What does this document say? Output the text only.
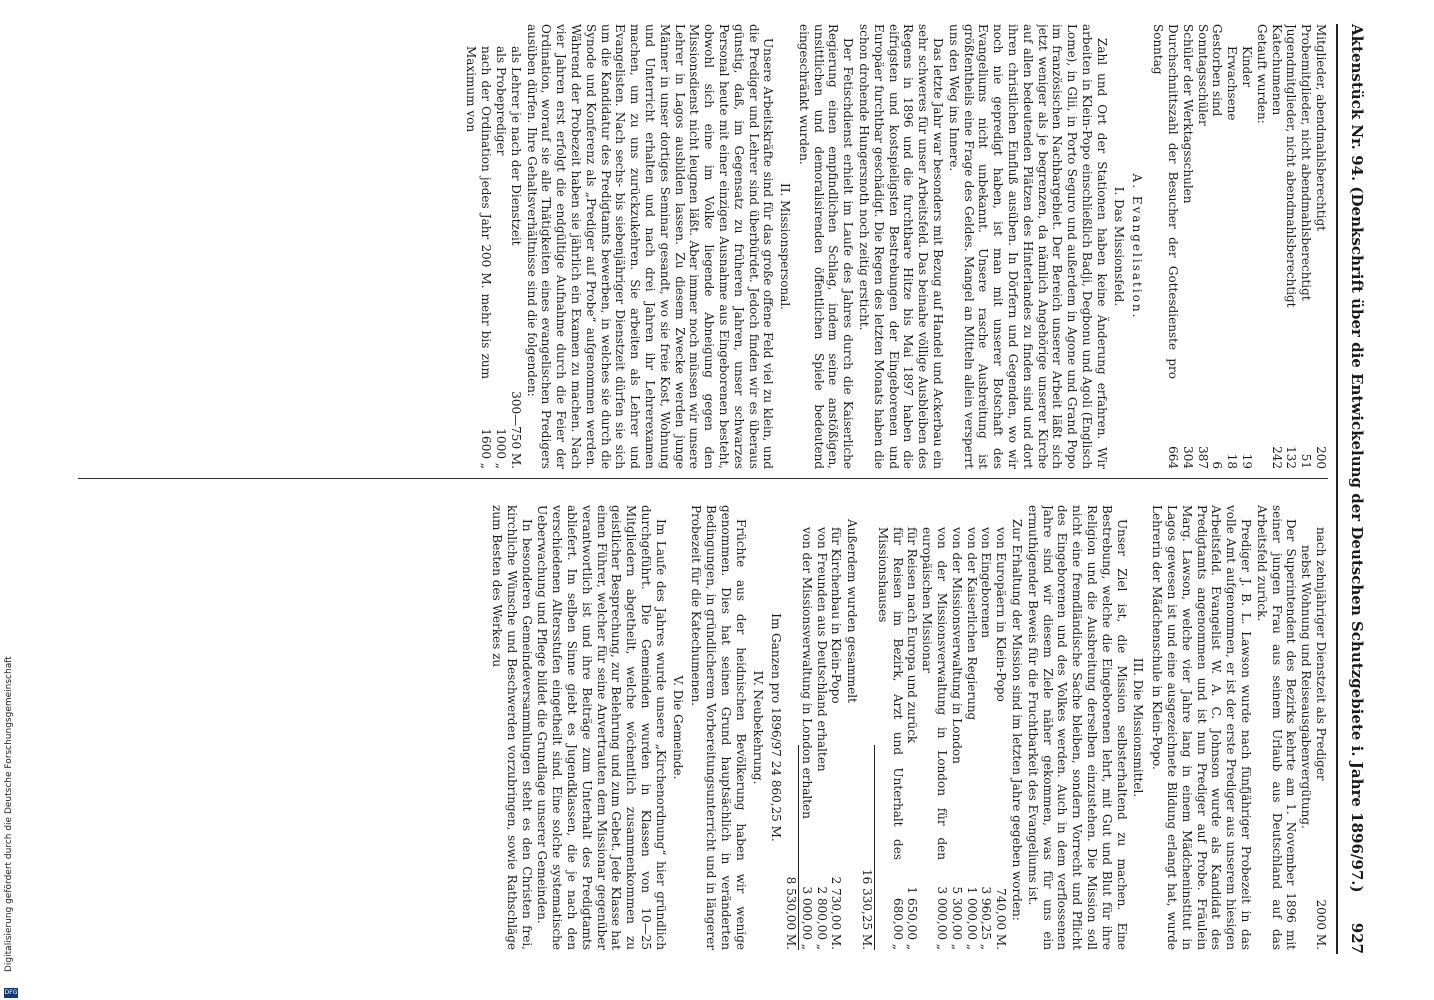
Aktenstück Nr. 94. (Denkschrift über die Entwickelung der Deutschen Schutzgebiete i. Jahre 1896/97.)
927
Mitglieder, abendmahlsberechtigt
200
Probemitglieder, nicht abendmahlsberechtigt
51
Jugendmitglieder, nicht abendmahlsberechtigt
132
Katechumenen
242
Getauft wurden:
Kinder
19
Erwachsene
18
Gestorben sind
6
Sonntagsschüler
387
Schüler der Werktagsschulen
304
Durchschnittszahl der Besucher der Gottesdienste pro Sonntag
664
A. Evangelisation.
I. Das Missionsfeld.

Zahl und Ort der Stationen haben keine Änderung erfahren. Wir arbeiten in Klein-Popo einschließlich Badji, Degbonu und Agoli (Englisch Lome), in Glii, in Porto Seguro und außerdem in Agone und Grand Popo im französischen Nachbargebiet. Der Bereich unserer Arbeit läßt sich jetzt weniger als je begrenzen, da nämlich Angehörige unserer Kirche auf allen bedeutenden Plätzen des Hinterlandes zu finden sind und dort ihren christlichen Einfluß ausüben. In Dörfern und Gegenden, wo wir noch nie gepredigt haben, ist man mit unserer Botschaft des Evangeliums nicht unbekannt. Unsere rasche Ausbreitung ist größtentheils eine Frage des Geldes. Mangel an Mitteln allein versperrt uns den Weg ins Innere.

Das letzte Jahr war besonders mit Bezug auf Handel und Ackerbau ein sehr schweres für unser Arbeitsfeld. Das beinahe völlige Ausbleiben des Regens in 1896 und die furchtbare Hitze bis Mai 1897 haben die eifrigsten und kostspieligsten Bestrebungen der Eingeborenen und Europäer furchtbar geschädigt. Die Regen des letzten Monats haben die schon drohende Hungersnoth noch zeitig ersticht.

Der Fetischdienst erhielt im Laufe des Jahres durch die Kaiserliche Regierung einen empfindlichen Schlag, indem seine anstößigen, unsittlichen und demoralisirenden öffentlichen Spiele bedeutend eingeschränkt wurden.

II. Missionspersonal.

Unsere Arbeitskräfte sind für das große offene Feld viel zu klein, und die Prediger und Lehrer sind überbürdet. Jedoch finden wir es überaus günstig, daß, im Gegensatz zu früheren Jahren, unser schwarzes Personal heute mit einer einzigen Ausnahme aus Eingeborenen besteht, obwohl sich eine im Volke liegende Abneigung gegen den Missionsdienst nicht leugnen läßt. Aber immer noch müssen wir unsere Lehrer in Lagos ausbilden lassen. Zu diesem Zwecke werden junge Männer in unser dortiges Seminar gesandt, wo sie freie Kost, Wohnung und Unterricht erhalten und nach drei Jahren ihr Lehrerexamen machen, um zu uns zurückzukehren. Sie arbeiten als Lehrer und Evangelisten. Nach sechs- bis siebenjähriger Dienstzeit dürfen sie sich um die Kandidatur des Predigtamts bewerben, in welches sie durch die Synode und Konferenz als „Prediger auf Probe“ aufgenommen werden. Während der Probezeit haben sie jährlich ein Examen zu machen. Nach vier Jahren erst erfolgt die endgültige Aufnahme durch die Feier der Ordination, worauf sie alle Thätigkeiten eines evangelischen Predigers ausüben dürfen. Ihre Gehaltsverhältnisse sind die folgenden:

als Lehrer je nach der Dienstzeit
300—750 M.
als Probeprediger
1000 „
nach der Ordination jedes Jahr 200 M. mehr bis zum Maximum von
1600 „
nach zehnjähriger Dienstzeit als Prediger
2000 M.
nebst Wohnung und Reiseausgabenvergütung.

Der Superintendent des Bezirks kehrte am 1. November 1896 mit seiner jungen Frau aus seinem Urlaub aus Deutschland auf das Arbeitsfeld zurück.

Prediger J. B. L. Lawson wurde nach fünfjähriger Probezeit in das volle Amt aufgenommen, er ist der erste Prediger aus unserem hiesigen Arbeitsfeld. Evangelist W. A. C. Johnson wurde als Kandidat des Predigtamts angenommen und ist nun Prediger auf Probe. Fräulein Marg. Lawson, welche vier Jahre lang in einem Mädcheninstitut in Lagos gewesen ist und eine ausgezeichnete Bildung erlangt hat, wurde Lehrerin der Mädchenschule in Klein-Popo.

III. Die Missionsmittel.

Unser Ziel ist, die Mission selbsterhaltend zu machen. Eine Bestrebung, welche die Eingeborenen lehrt, mit Gut und Blut für ihre Religion und die Ausbreitung derselben einzustehen. Die Mission soll nicht eine fremdländische Sache bleiben, sondern Vorrecht und Pflicht des Eingeborenen und des Volkes werden. Auch in dem verflossenen Jahre sind wir diesem Ziele näher gekommen, was für uns ein ermuthigender Beweis für die Fruchtbarkeit des Evangeliums ist.

Zur Erhaltung der Mission sind im letzten Jahre gegeben worden:

von Europäern in Klein-Popo
740,00 M.
von Eingeborenen
3 960,25 „
von der Kaiserlichen Regierung
1 000,00 „
von der Missionsverwaltung in London
5 300,00 „
von der Missionsverwaltung in London für den europäischen Missionar
3 000,00 „
für Reisen nach Europa und zurück
1 650,00 „
für Reisen im Bezirk, Arzt und Unterhalt des Missionshauses
680,00 „
16 330,25 M.

Außerdem wurden gesammelt

für Kirchenbau in Klein-Popo
2 730,00 M.
von Freunden aus Deutschland erhalten
2 800,00 „
von der Missionsverwaltung in London erhalten
3 000,00 „
8 530,00 M.
Im Ganzen pro 1896/97 24 860,25 M.
IV. Neubekehrung.

Früchte aus der heidnischen Bevölkerung haben wir wenige genommen. Dies hat seinen Grund hauptsächlich in veränderten Bedingungen, in gründlicherem Vorbereitungsunterricht und in längerer Probezeit für die Katechumenen.

V. Die Gemeinde.

Im Laufe des Jahres wurde unsere „Kirchenordnung“ hier gründlich durchgeführt. Die Gemeinden wurden in Klassen von 10—25 Mitgliedern abgetheilt, welche wöchentlich zusammenkommen zu geistlicher Besprechung, zur Belehrung und zum Gebet. Jede Klasse hat einen Führer, welcher für seine Anvertrauten dem Missionar gegenüber verantwortlich ist und ihre Beiträge zum Unterhalt des Predigtamts abliefert. Im selben Sinne giebt es Jugendklassen, die je nach den verschiedenen Altersstufen eingetheilt sind. Eine solche systematische Ueberwachung und Pflege bildet die Grundlage unserer Gemeinden.

In besonderen Gemeindeversammlungen steht es den Christen frei, kirchliche Wünsche und Beschwerden vorzubringen, sowie Rathschläge zum Besten des Werkes zu

Digitalisierung gefördert durch die Deutsche Forschungsgemeinschaft
DFG
